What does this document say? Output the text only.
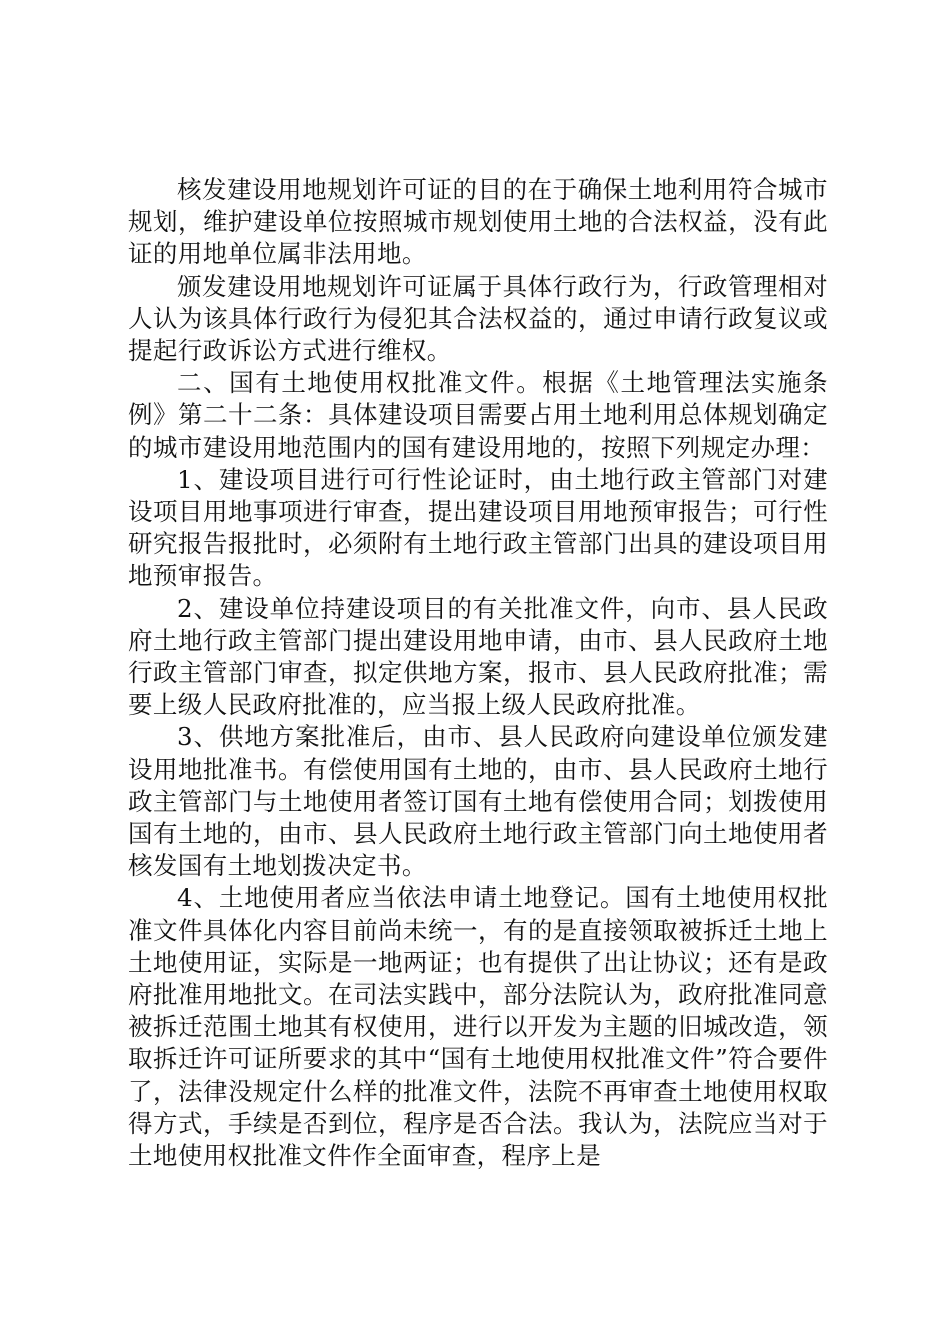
核发建设用地规划许可证的目的在于确保土地利用符合城市规划，维护建设单位按照城市规划使用土地的合法权益，没有此证的用地单位属非法用地。

颁发建设用地规划许可证属于具体行政行为，行政管理相对人认为该具体行政行为侵犯其合法权益的，通过申请行政复议或提起行政诉讼方式进行维权。

二、国有土地使用权批准文件。根据《土地管理法实施条例》第二十二条：具体建设项目需要占用土地利用总体规划确定的城市建设用地范围内的国有建设用地的，按照下列规定办理：

1、建设项目进行可行性论证时，由土地行政主管部门对建设项目用地事项进行审查，提出建设项目用地预审报告；可行性研究报告报批时，必须附有土地行政主管部门出具的建设项目用地预审报告。

2、建设单位持建设项目的有关批准文件，向市、县人民政府土地行政主管部门提出建设用地申请，由市、县人民政府土地行政主管部门审查，拟定供地方案，报市、县人民政府批准；需要上级人民政府批准的，应当报上级人民政府批准。

3、供地方案批准后，由市、县人民政府向建设单位颁发建设用地批准书。有偿使用国有土地的，由市、县人民政府土地行政主管部门与土地使用者签订国有土地有偿使用合同；划拨使用国有土地的，由市、县人民政府土地行政主管部门向土地使用者核发国有土地划拨决定书。

4、土地使用者应当依法申请土地登记。国有土地使用权批准文件具体化内容目前尚未统一，有的是直接领取被拆迁土地上土地使用证，实际是一地两证；也有提供了出让协议；还有是政府批准用地批文。在司法实践中，部分法院认为，政府批准同意被拆迁范围土地其有权使用，进行以开发为主题的旧城改造，领取拆迁许可证所要求的其中“国有土地使用权批准文件”符合要件了，法律没规定什么样的批准文件，法院不再审查土地使用权取得方式，手续是否到位，程序是否合法。我认为，法院应当对于土地使用权批准文件作全面审查，程序上是
